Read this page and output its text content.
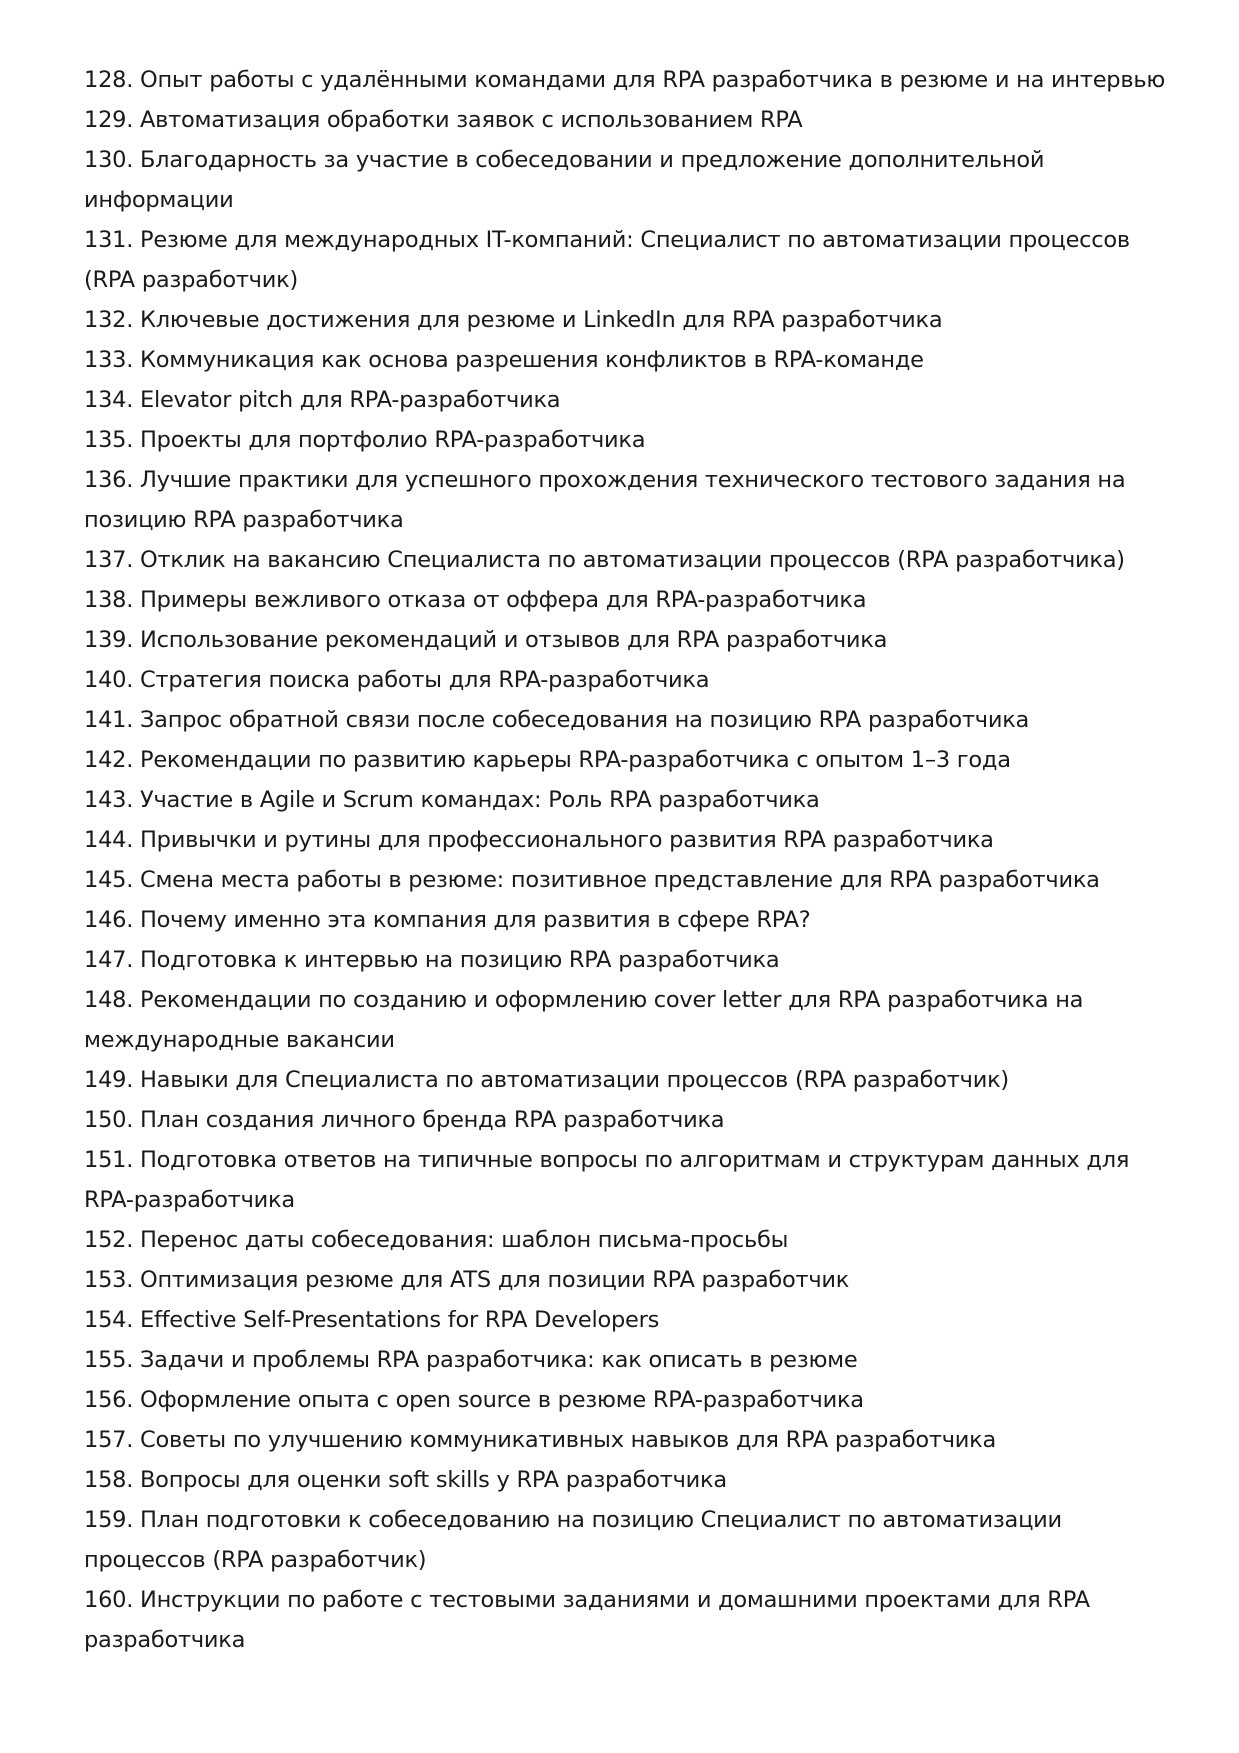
128. Опыт работы с удалёнными командами для RPA разработчика в резюме и на интервью
129. Автоматизация обработки заявок с использованием RPA
130. Благодарность за участие в собеседовании и предложение дополнительной информации
131. Резюме для международных IT-компаний: Специалист по автоматизации процессов (RPA разработчик)
132. Ключевые достижения для резюме и LinkedIn для RPA разработчика
133. Коммуникация как основа разрешения конфликтов в RPA-команде
134. Elevator pitch для RPA-разработчика
135. Проекты для портфолио RPA-разработчика
136. Лучшие практики для успешного прохождения технического тестового задания на позицию RPA разработчика
137. Отклик на вакансию Специалиста по автоматизации процессов (RPA разработчика)
138. Примеры вежливого отказа от оффера для RPA-разработчика
139. Использование рекомендаций и отзывов для RPA разработчика
140. Стратегия поиска работы для RPA-разработчика
141. Запрос обратной связи после собеседования на позицию RPA разработчика
142. Рекомендации по развитию карьеры RPA-разработчика с опытом 1–3 года
143. Участие в Agile и Scrum командах: Роль RPA разработчика
144. Привычки и рутины для профессионального развития RPA разработчика
145. Смена места работы в резюме: позитивное представление для RPA разработчика
146. Почему именно эта компания для развития в сфере RPA?
147. Подготовка к интервью на позицию RPA разработчика
148. Рекомендации по созданию и оформлению cover letter для RPA разработчика на международные вакансии
149. Навыки для Специалиста по автоматизации процессов (RPA разработчик)
150. План создания личного бренда RPA разработчика
151. Подготовка ответов на типичные вопросы по алгоритмам и структурам данных для RPA-разработчика
152. Перенос даты собеседования: шаблон письма-просьбы
153. Оптимизация резюме для ATS для позиции RPA разработчик
154. Effective Self-Presentations for RPA Developers
155. Задачи и проблемы RPA разработчика: как описать в резюме
156. Оформление опыта с open source в резюме RPA-разработчика
157. Советы по улучшению коммуникативных навыков для RPA разработчика
158. Вопросы для оценки soft skills у RPA разработчика
159. План подготовки к собеседованию на позицию Специалист по автоматизации процессов (RPA разработчик)
160. Инструкции по работе с тестовыми заданиями и домашними проектами для RPA разработчика
